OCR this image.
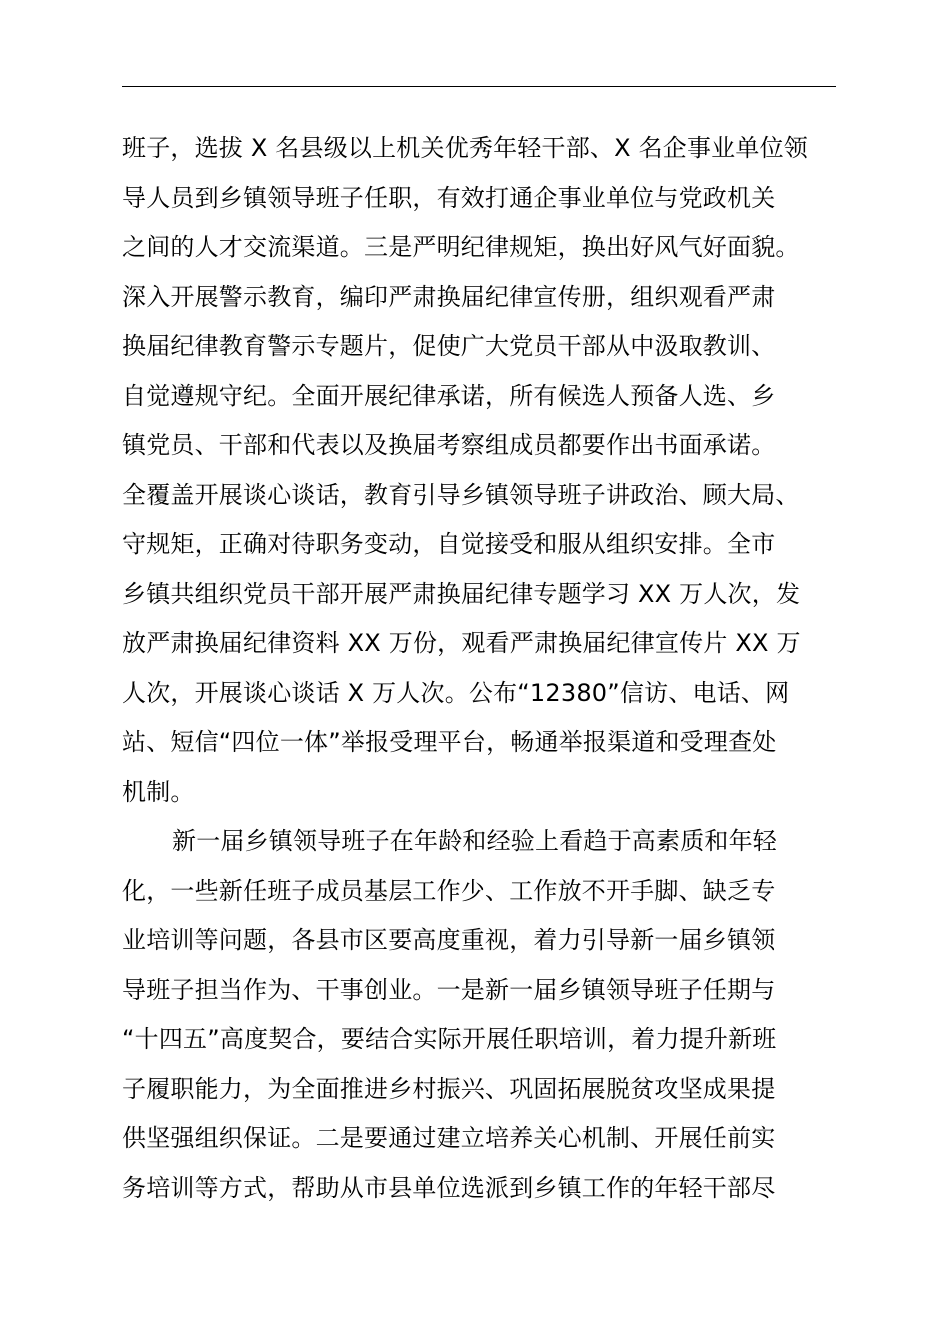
班子，选拔 X 名县级以上机关优秀年轻干部、X 名企事业单位领
导人员到乡镇领导班子任职，有效打通企事业单位与党政机关
之间的人才交流渠道。三是严明纪律规矩，换出好风气好面貌。
深入开展警示教育，编印严肃换届纪律宣传册，组织观看严肃
换届纪律教育警示专题片，促使广大党员干部从中汲取教训、
自觉遵规守纪。全面开展纪律承诺，所有候选人预备人选、乡
镇党员、干部和代表以及换届考察组成员都要作出书面承诺。
全覆盖开展谈心谈话，教育引导乡镇领导班子讲政治、顾大局、
守规矩，正确对待职务变动，自觉接受和服从组织安排。全市
乡镇共组织党员干部开展严肃换届纪律专题学习 XX 万人次，发
放严肃换届纪律资料 XX 万份，观看严肃换届纪律宣传片 XX 万
人次，开展谈心谈话 X 万人次。公布“12380”信访、电话、网
站、短信“四位一体”举报受理平台，畅通举报渠道和受理查处
机制。
新一届乡镇领导班子在年龄和经验上看趋于高素质和年轻
化，一些新任班子成员基层工作少、工作放不开手脚、缺乏专
业培训等问题，各县市区要高度重视，着力引导新一届乡镇领
导班子担当作为、干事创业。一是新一届乡镇领导班子任期与
“十四五”高度契合，要结合实际开展任职培训，着力提升新班
子履职能力，为全面推进乡村振兴、巩固拓展脱贫攻坚成果提
供坚强组织保证。二是要通过建立培养关心机制、开展任前实
务培训等方式，帮助从市县单位选派到乡镇工作的年轻干部尽
